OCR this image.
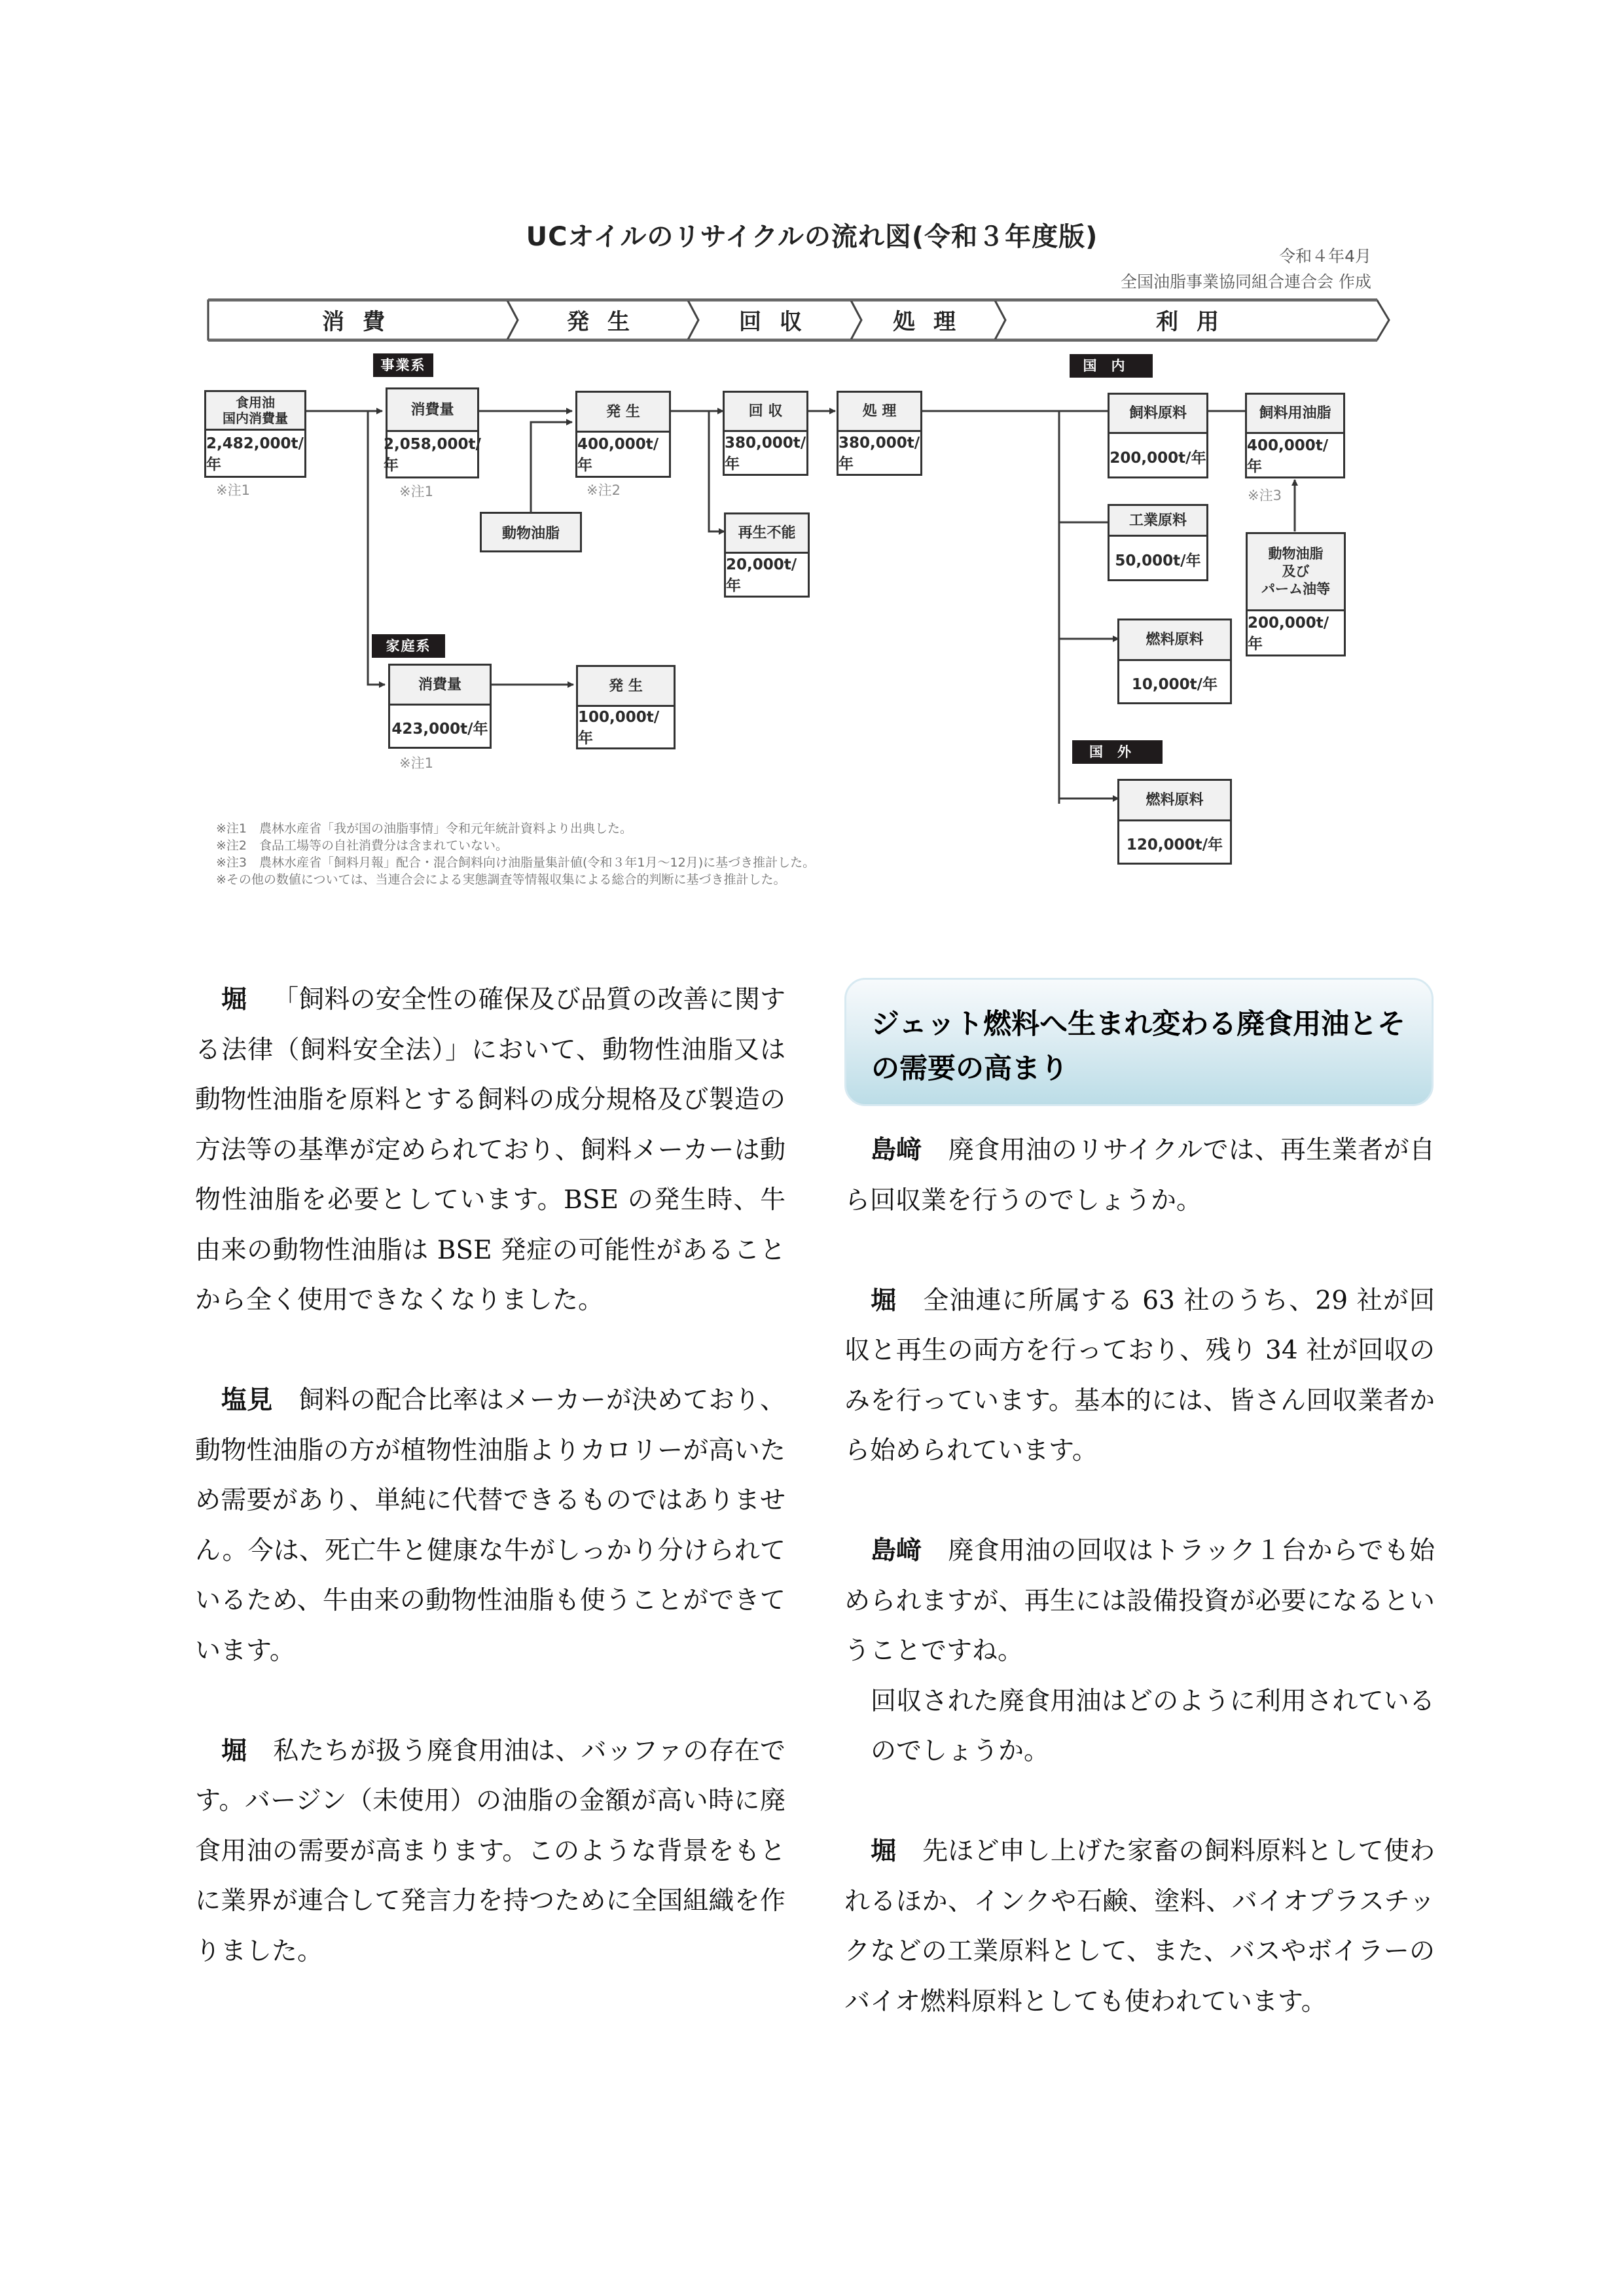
UCオイルのリサイクルの流れ図(令和３年度版)
令和４年4月
全国油脂事業協同組合連合会 作成
消費	発生	回収	処理	利用
事業系
家庭系
国内
国外
食用油
国内消費量
2,482,000t/年
※注1
消費量
2,058,000t/年
※注1
発 生
400,000t/年
※注2
動物油脂
回 収
380,000t/年
再生不能
20,000t/年
処 理
380,000t/年
飼料原料
200,000t/年
飼料用油脂
400,000t/年
※注3
工業原料
50,000t/年	動物油脂
及び
パーム油等
200,000t/年
燃料原料
10,000t/年
燃料原料
120,000t/年
消費量
423,000t/年
※注1
発 生
100,000t/年
※注1　農林水産省「我が国の油脂事情」令和元年統計資料より出典した。
※注2　食品工場等の自社消費分は含まれていない。
※注3　農林水産省「飼料月報」配合・混合飼料向け油脂量集計値(令和３年1月～12月)に基づき推計した。
※その他の数値については、当連合会による実態調査等情報収集による総合的判断に基づき推計した。

堀 「飼料の安全性の確保及び品質の改善に関する法律（飼料安全法）」において、動物性油脂又は動物性油脂を原料とする飼料の成分規格及び製造の方法等の基準が定められており、飼料メーカーは動物性油脂を必要としています。BSE の発生時、牛由来の動物性油脂は BSE 発症の可能性があることから全く使用できなくなりました。

塩見 飼料の配合比率はメーカーが決めており、動物性油脂の方が植物性油脂よりカロリーが高いため需要があり、単純に代替できるものではありません。今は、死亡牛と健康な牛がしっかり分けられているため、牛由来の動物性油脂も使うことができています。

堀 私たちが扱う廃食用油は、バッファの存在です。バージン（未使用）の油脂の金額が高い時に廃食用油の需要が高まります。このような背景をもとに業界が連合して発言力を持つために全国組織を作りました。

ジェット燃料へ生まれ変わる廃食用油とその需要の高まり

島﨑 廃食用油のリサイクルでは、再生業者が自ら回収業を行うのでしょうか。

堀 全油連に所属する 63 社のうち、29 社が回収と再生の両方を行っており、残り 34 社が回収のみを行っています。基本的には、皆さん回収業者から始められています。

島﨑 廃食用油の回収はトラック１台からでも始められますが、再生には設備投資が必要になるということですね。

回収された廃食用油はどのように利用されているのでしょうか。

堀 先ほど申し上げた家畜の飼料原料として使われるほか、インクや石鹸、塗料、バイオプラスチックなどの工業原料として、また、バスやボイラーのバイオ燃料原料としても使われています。
